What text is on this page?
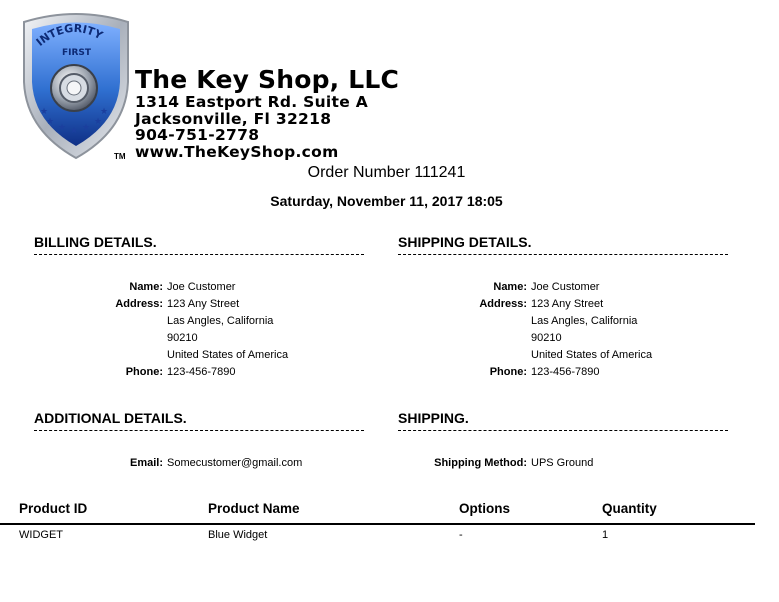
INTEGRITY
FIRST
★
★ ★ ★
★
★	★
TM
The Key Shop, LLC
1314 Eastport Rd. Suite A
Jacksonville, Fl 32218
904-751-2778
www.TheKeyShop.com
Order Number 111241
Saturday, November 11, 2017 18:05
BILLING DETAILS.
Name: Joe Customer
Address: 123 Any Street
Las Angles, California
90210
United States of America
Phone: 123-456-7890
SHIPPING DETAILS.
Name: Joe Customer
Address: 123 Any Street
Las Angles, California
90210
United States of America
Phone: 123-456-7890
ADDITIONAL DETAILS.
Email: Somecustomer@gmail.com
SHIPPING.
Shipping Method: UPS Ground
Product ID	Product Name	Options	Quantity
WIDGET	Blue Widget	-	1
